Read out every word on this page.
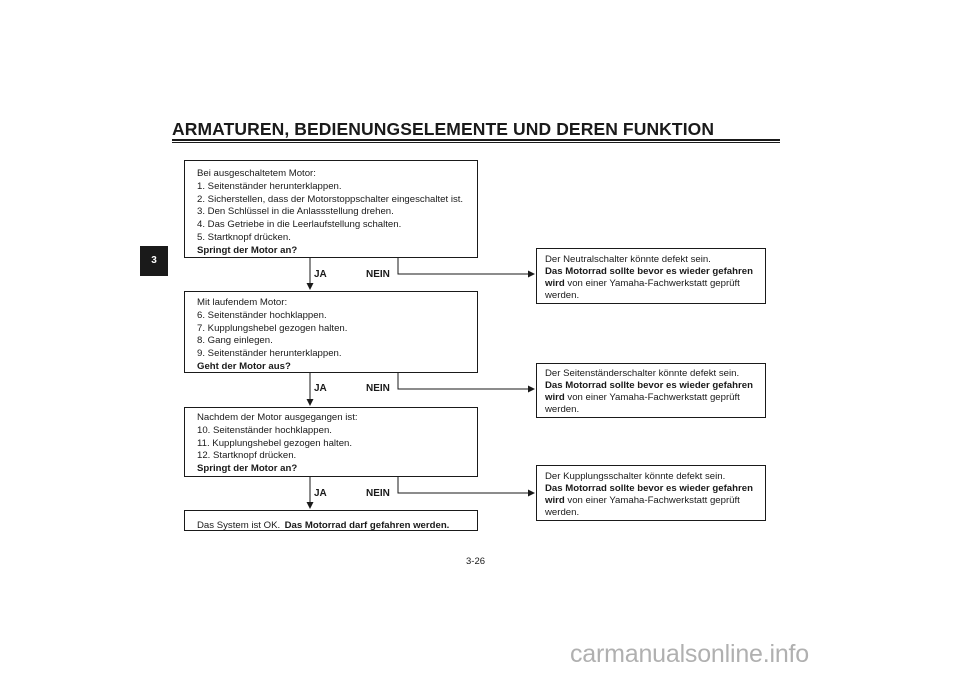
ARMATUREN, BEDIENUNGSELEMENTE UND DEREN FUNKTION
3
Bei ausgeschaltetem Motor:
1. Seitenständer herunterklappen.
2. Sicherstellen, dass der Motorstoppschalter eingeschaltet ist.
3. Den Schlüssel in die Anlassstellung drehen.
4. Das Getriebe in die Leerlaufstellung schalten.
5. Startknopf drücken.
Springt der Motor an?
JA	NEIN
Mit laufendem Motor:
6. Seitenständer hochklappen.
7. Kupplungshebel gezogen halten.
8. Gang einlegen.
9. Seitenständer herunterklappen.
Geht der Motor aus?
JA	NEIN
Nachdem der Motor ausgegangen ist:
10. Seitenständer hochklappen.
11. Kupplungshebel gezogen halten.
12. Startknopf drücken.
Springt der Motor an?
JA	NEIN
Das System ist OK. Das Motorrad darf gefahren werden.
Der Neutralschalter könnte defekt sein.
Das Motorrad sollte bevor es wieder gefahren
wird von einer Yamaha-Fachwerkstatt geprüft
werden.
Der Seitenständerschalter könnte defekt sein.
Das Motorrad sollte bevor es wieder gefahren
wird von einer Yamaha-Fachwerkstatt geprüft
werden.
Der Kupplungsschalter könnte defekt sein.
Das Motorrad sollte bevor es wieder gefahren
wird von einer Yamaha-Fachwerkstatt geprüft
werden.
3-26
carmanualsonline.info
